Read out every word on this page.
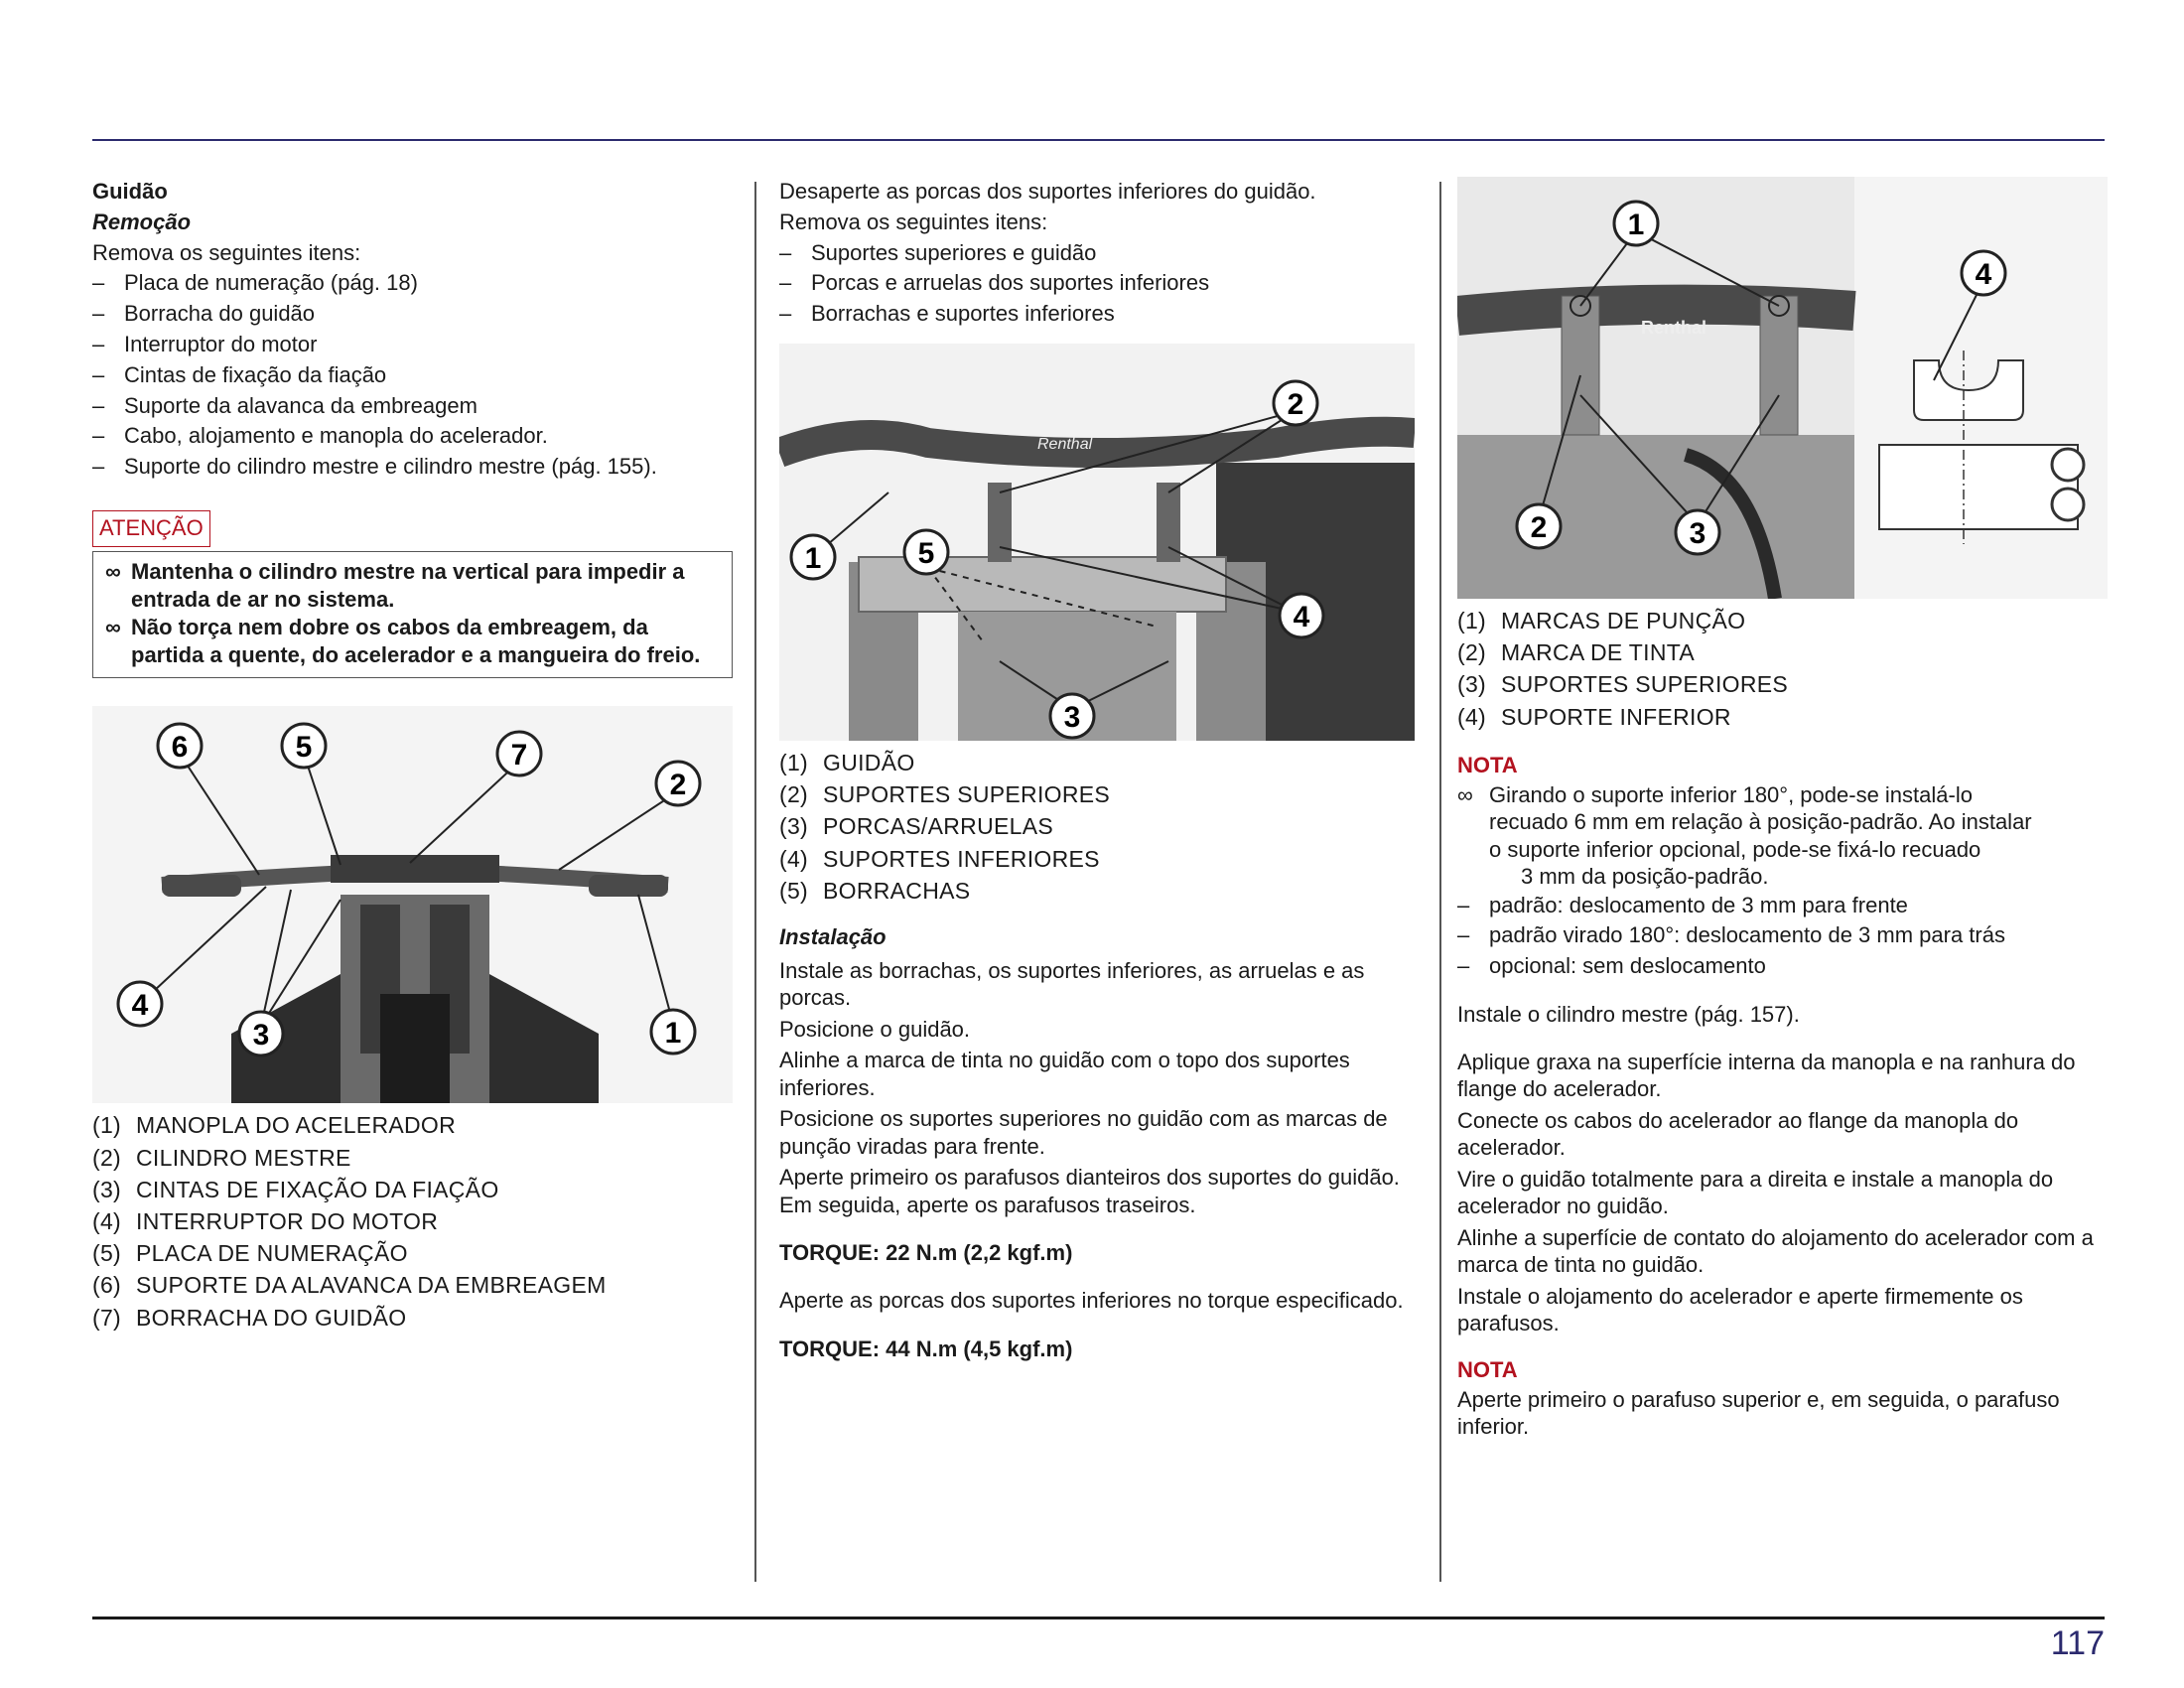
Guidão

Remoção

Remova os seguintes itens:

– Placa de numeração (pág. 18)
– Borracha do guidão
– Interruptor do motor
– Cintas de fixação da fiação
– Suporte da alavanca da embreagem
– Cabo, alojamento e manopla do acelerador.
– Suporte do cilindro mestre e cilindro mestre (pág. 155).
ATENÇÃO
∞ Mantenha o cilindro mestre na vertical para impedir a entrada de ar no sistema.
∞ Não torça nem dobre os cabos da embreagem, da partida a quente, do acelerador e a mangueira do freio.
6	5	7
2
4
3	1
(1) MANOPLA DO ACELERADOR
(2) CILINDRO MESTRE
(3) CINTAS DE FIXAÇÃO DA FIAÇÃO
(4) INTERRUPTOR DO MOTOR
(5) PLACA DE NUMERAÇÃO
(6) SUPORTE DA ALAVANCA DA EMBREAGEM
(7) BORRACHA DO GUIDÃO

Desaperte as porcas dos suportes inferiores do guidão.

Remova os seguintes itens:

– Suportes superiores e guidão
– Porcas e arruelas dos suportes inferiores
– Borrachas e suportes inferiores
Renthal
2
1	5
4
3
(1) GUIDÃO
(2) SUPORTES SUPERIORES
(3) PORCAS/ARRUELAS
(4) SUPORTES INFERIORES
(5) BORRACHAS

Instalação

Instale as borrachas, os suportes inferiores, as arruelas e as porcas.

Posicione o guidão.

Alinhe a marca de tinta no guidão com o topo dos suportes inferiores.

Posicione os suportes superiores no guidão com as marcas de punção viradas para frente.

Aperte primeiro os parafusos dianteiros dos suportes do guidão. Em seguida, aperte os parafusos traseiros.

TORQUE: 22 N.m (2,2 kgf.m)

Aperte as porcas dos suportes inferiores no torque especificado.

TORQUE: 44 N.m (4,5 kgf.m)

Renthal
1
4
2	3
(1) MARCAS DE PUNÇÃO
(2) MARCA DE TINTA
(3) SUPORTES SUPERIORES
(4) SUPORTE INFERIOR

NOTA

∞ Girando o suporte inferior 180°, pode-se instalá-lo
recuado 6 mm em relação à posição-padrão. Ao instalar
o suporte inferior opcional, pode-se fixá-lo recuado
3 mm da posição-padrão.
– padrão: deslocamento de 3 mm para frente
– padrão virado 180°: deslocamento de 3 mm para trás
– opcional: sem deslocamento

Instale o cilindro mestre (pág. 157).

Aplique graxa na superfície interna da manopla e na ranhura do flange do acelerador.

Conecte os cabos do acelerador ao flange da manopla do acelerador.

Vire o guidão totalmente para a direita e instale a manopla do acelerador no guidão.

Alinhe a superfície de contato do alojamento do acelerador com a marca de tinta no guidão.

Instale o alojamento do acelerador e aperte firmemente os parafusos.

NOTA

Aperte primeiro o parafuso superior e, em seguida, o parafuso inferior.

117
